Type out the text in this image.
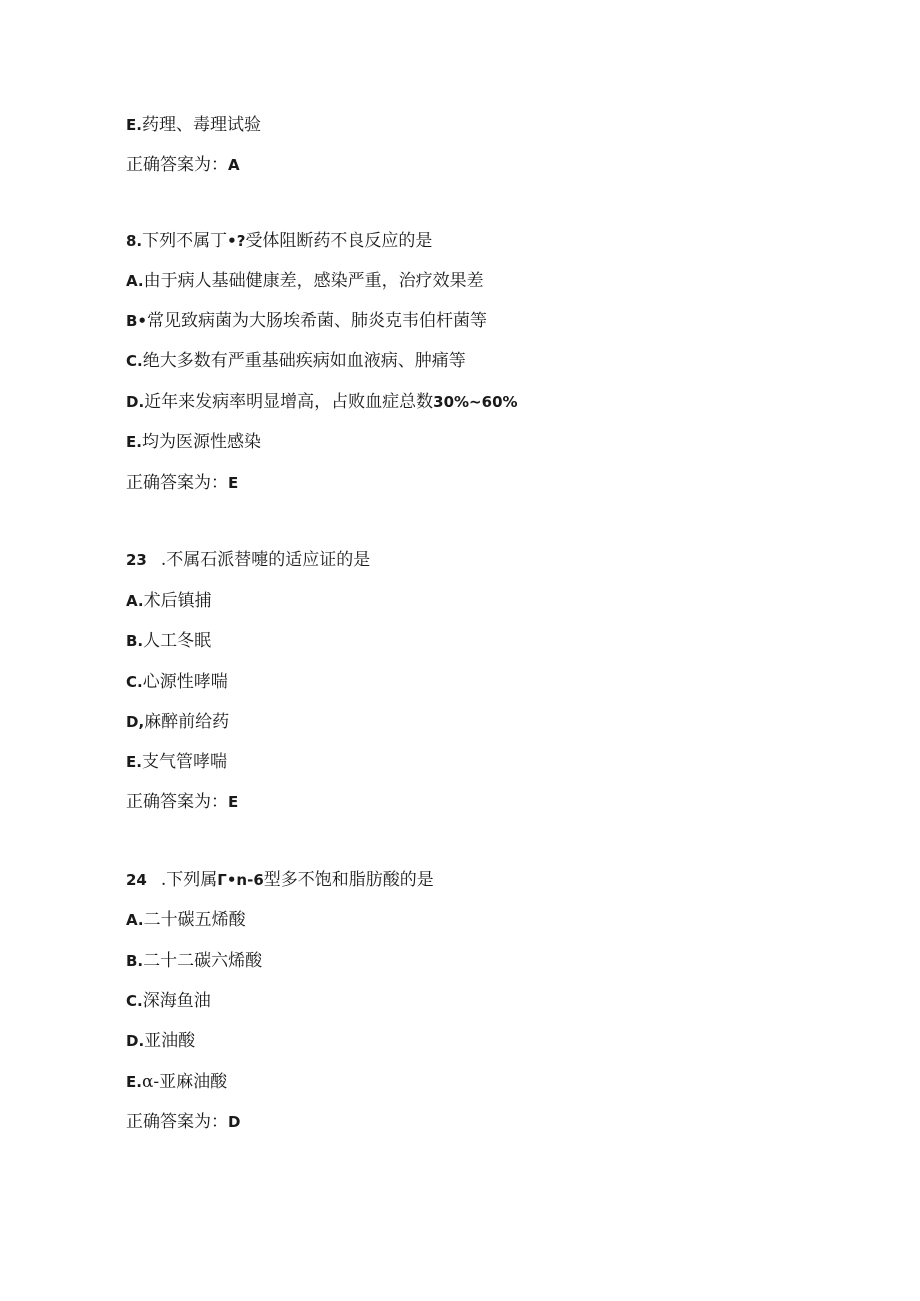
E.药理、毒理试验
正确答案为：A
8.下列不属丁•?受体阻断药不良反应的是
A.由于病人基础健康差，感染严重，治疗效果差
B•常见致病菌为大肠埃希菌、肺炎克韦伯杆菌等
C.绝大多数有严重基础疾病如血液病、肿痛等
D.近年来发病率明显增高，占败血症总数30%~60%
E.均为医源性感染
正确答案为：E
23 .不属石派替嚏的适应证的是
A.术后镇捕
B.人工冬眠
C.心源性哮喘
D,麻醉前给药
E.支气管哮喘
正确答案为：E
24 .下列属Γ•n-6型多不饱和脂肪酸的是
A.二十碳五烯酸
B.二十二碳六烯酸
C.深海鱼油
D.亚油酸
E.α-亚麻油酸
正确答案为：D
